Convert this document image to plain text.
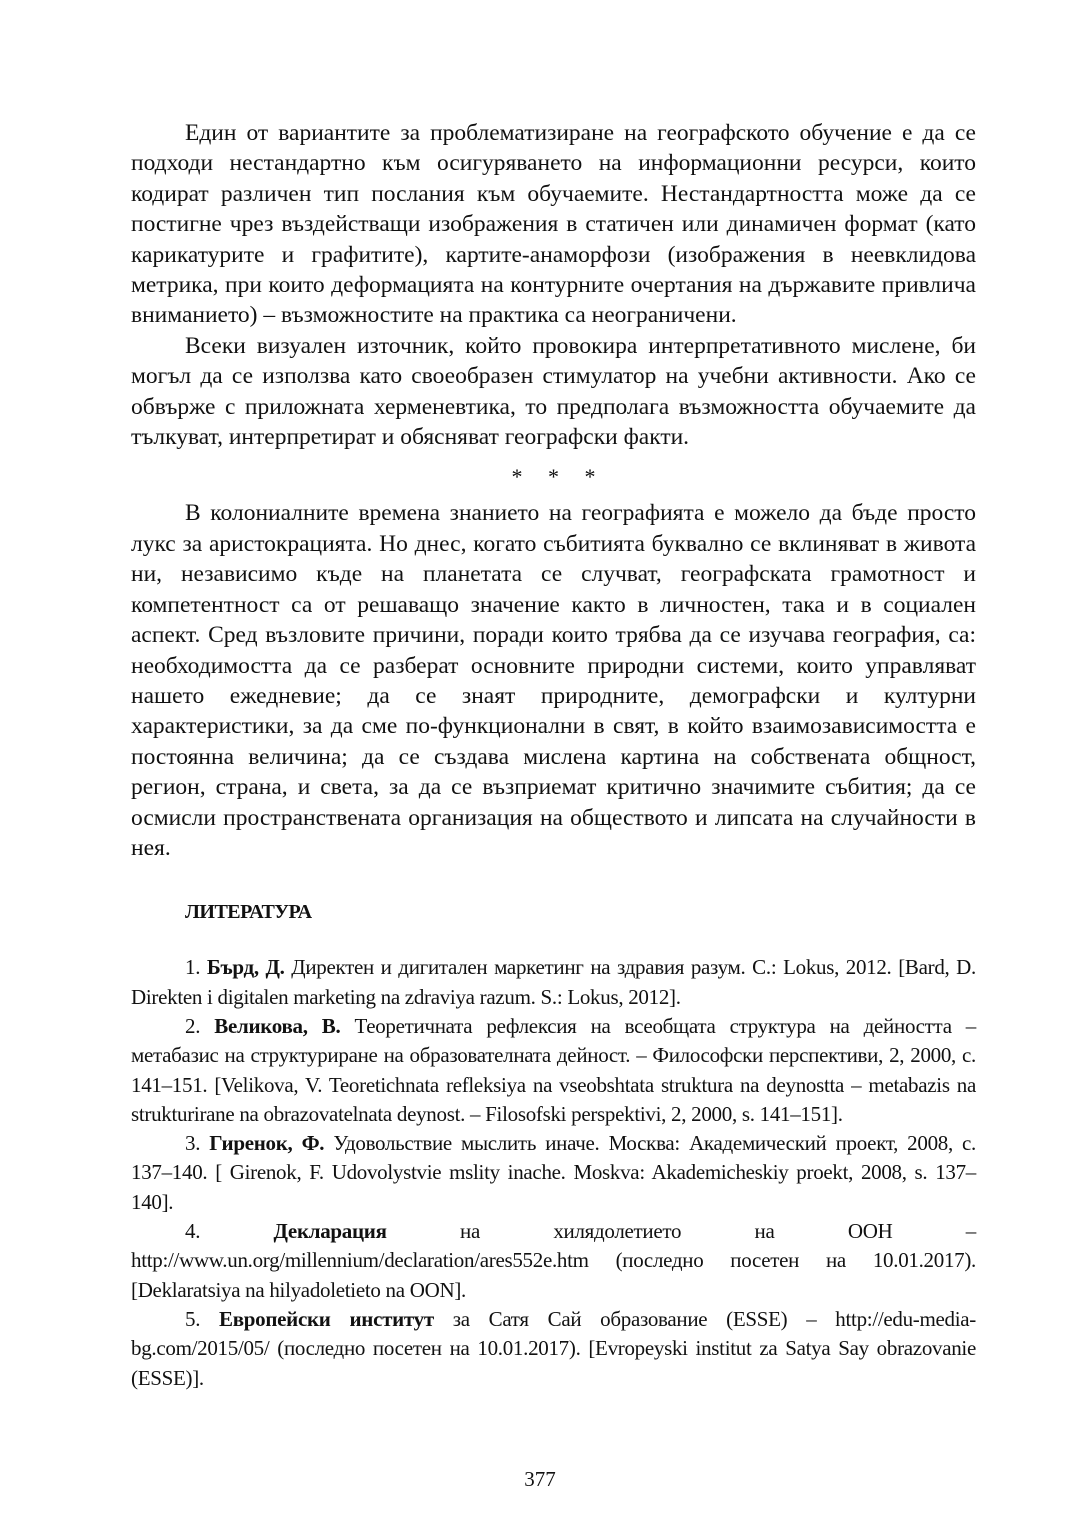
Един от вариантите за проблематизиране на географското обучение е да се подходи нестандартно към осигуряването на информационни ресурси, които кодират различен тип послания към обучаемите. Нестандартността може да се постигне чрез въздействащи изображения в статичен или динамичен формат (като карикатурите и графитите), картите-анаморфози (изображения в неевклидова метрика, при които деформацията на контурните очертания на държавите привлича вниманието) – възможностите на практика са неограничени.

Всеки визуален източник, който провокира интерпретативното мислене, би могъл да се използва като своеобразен стимулатор на учебни активности. Ако се обвърже с приложната херменевтика, то предполага възможността обучаемите да тълкуват, интерпретират и обясняват географски факти.

* * *

В колониалните времена знанието на географията е можело да бъде просто лукс за аристокрацията. Но днес, когато събитията буквално се вклиняват в живота ни, независимо къде на планетата се случват, географската грамотност и компетентност са от решаващо значение както в личностен, така и в социален аспект. Сред възловите причини, поради които трябва да се изучава география, са: необходимостта да се разберат основните природни системи, които управляват нашето ежедневие; да се знаят природните, демографски и културни характеристики, за да сме по-функционални в свят, в който взаимозависимостта е постоянна величина; да се създава мислена картина на собствената общност, регион, страна, и света, за да се възприемат критично значимите събития; да се осмисли пространствената организация на обществото и липсата на случайности в нея.

ЛИТЕРАТУРА

1. Бърд, Д. Директен и дигитален маркетинг на здравия разум. С.: Lokus, 2012. [Bard, D. Direkten i digitalen marketing na zdraviya razum. S.: Lokus, 2012].

2. Великова, В. Теоретичната рефлексия на всеобщата структура на дейността – метабазис на структуриране на образователната дейност. – Философски перспективи, 2, 2000, с. 141–151. [Velikova, V. Teoretichnata refleksiya na vseobshtata struktura na deynostta – metabazis na strukturirane na obrazovatelnata deynost. – Filosofski perspektivi, 2, 2000, s. 141–151].

3. Гиренок, Ф. Удовольствие мыслить иначе. Москва: Академический проект, 2008, с. 137–140. [ Girenok, F. Udovolystvie mslity inache. Moskva: Akademicheskiy proekt, 2008, s. 137–140].

4.	Декларация на хилядолетието на ООН – http://www.un.org/millennium/declaration/ares552e.htm (последно посетен на 10.01.2017). [Deklaratsiya na hilyadoletieto na OON].

5. Европейски институт за Сатя Сай образование (ESSE) – http://edu-media-bg.com/2015/05/ (последно посетен на 10.01.2017). [Evropeyski institut za Satya Say obrazovanie (ESSE)].

377
